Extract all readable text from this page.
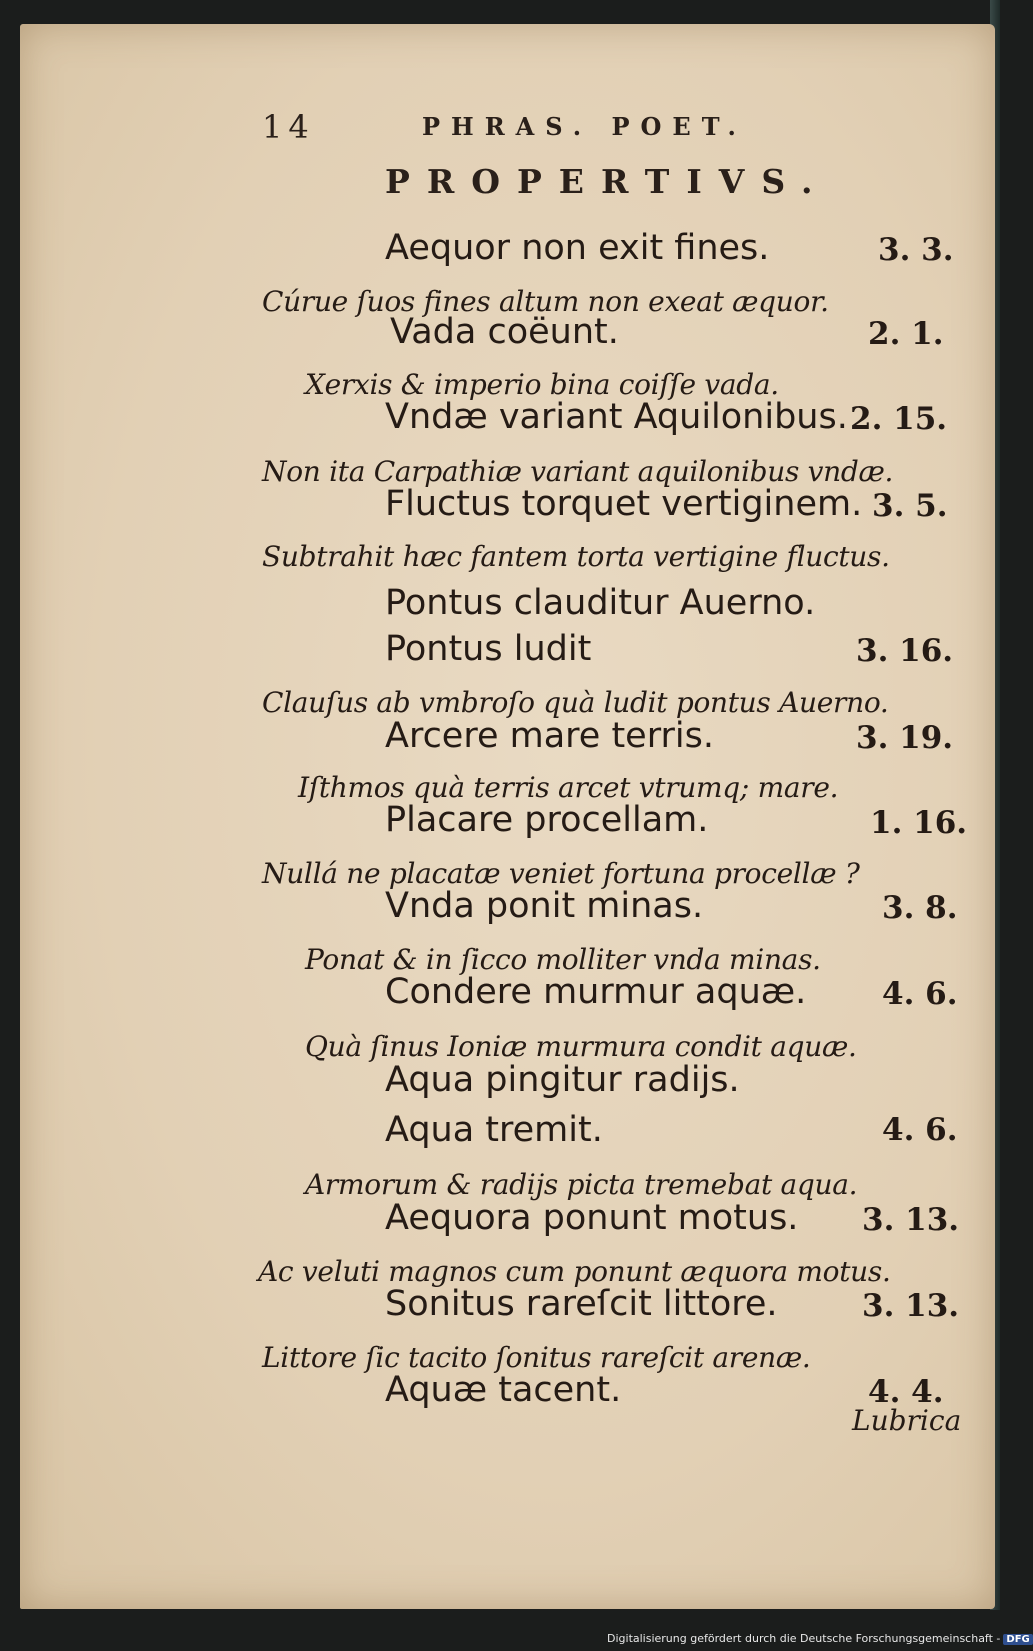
14	PHRAS. POET.
PROPERTIVS.
Aequor non exit fines.	3. 3.
Cúrue ſuos fines altum non exeat æquor.
Vada coëunt.	2. 1.
Xerxis & imperio bina coiſſe vada.
Vndæ variant Aquilonibus. 2. 15.
Non ita Carpathiæ variant aquilonibus vndæ.
Fluctus torquet vertiginem. 3. 5.
Subtrahit hæc fantem torta vertigine fluctus.
Pontus clauditur Auerno.
Pontus ludit	3. 16.
Clauſus ab vmbroſo quà ludit pontus Auerno.
Arcere mare terris.	3. 19.
Iſthmos quà terris arcet vtrumq; mare.
Placare procellam.	1. 16.
Nullá ne placatæ veniet fortuna procellæ ?
Vnda ponit minas.	3. 8.
Ponat & in ſicco molliter vnda minas.
Condere murmur aquæ. 4. 6.
Quà ſinus Ioniæ murmura condit aquæ.
Aqua pingitur radijs.
Aqua tremit.	4. 6.
Armorum & radijs picta tremebat aqua.
Aequora ponunt motus. 3. 13.
Ac veluti magnos cum ponunt æquora motus.
Sonitus rareſcit littore.	3. 13.
Littore ſic tacito ſonitus rareſcit arenæ.
Aquæ tacent.	4. 4.
Lubrica
Digitalisierung gefördert durch die Deutsche Forschungsgemeinschaft - DFG
